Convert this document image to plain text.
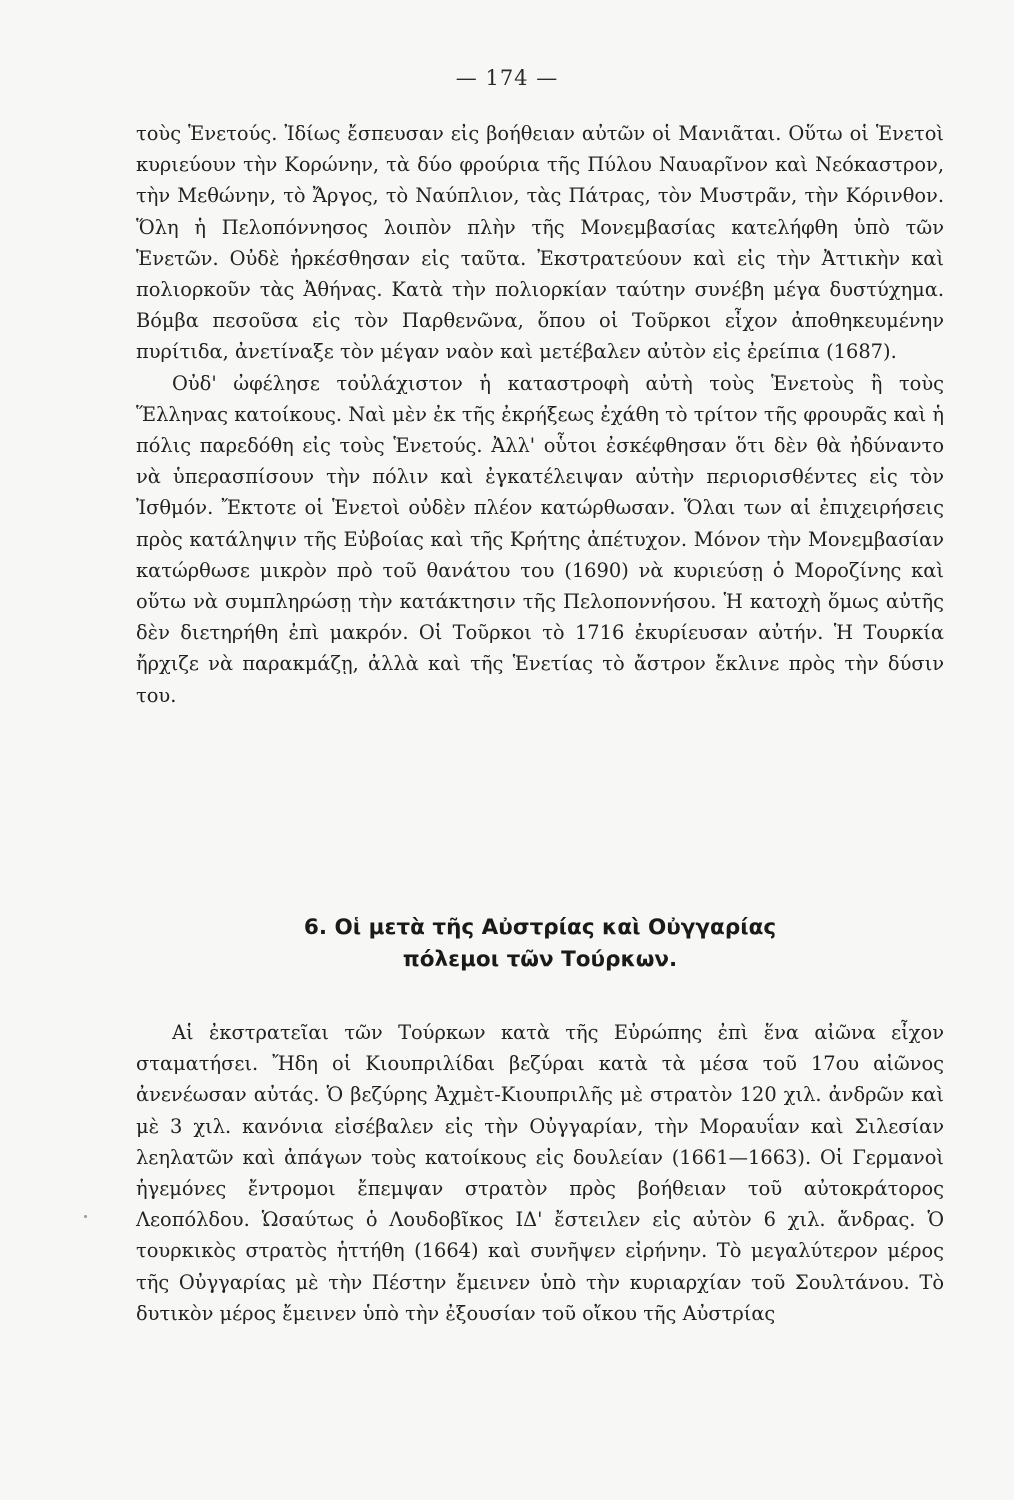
— 174 —

τοὺς Ἑνετούς. Ἰδίως ἔσπευσαν εἰς βοήθειαν αὐτῶν οἱ Μανιᾶται. Οὕτω οἱ Ἑνετοὶ κυριεύουν τὴν Κορώνην, τὰ δύο φρούρια τῆς Πύλου Ναυαρῖνον καὶ Νεόκαστρον, τὴν Μεθώνην, τὸ Ἄργος, τὸ Ναύπλιον, τὰς Πάτρας, τὸν Μυστρᾶν, τὴν Κόρινθον. Ὅλη ἡ Πελοπόννησος λοιπὸν πλὴν τῆς Μονεμβασίας κατελήφθη ὑπὸ τῶν Ἑνετῶν. Οὐδὲ ἠρκέσθησαν εἰς ταῦτα. Ἐκστρατεύουν καὶ εἰς τὴν Ἀττικὴν καὶ πολιορκοῦν τὰς Ἀθήνας. Κατὰ τὴν πολιορκίαν ταύτην συνέβη μέγα δυστύχημα. Βόμβα πεσοῦσα εἰς τὸν Παρθενῶνα, ὅπου οἱ Τοῦρκοι εἶχον ἀποθηκευμένην πυρίτιδα, ἀνετίναξε τὸν μέγαν ναὸν καὶ μετέβαλεν αὐτὸν εἰς ἐρείπια (1687).

Οὐδ' ὠφέλησε τοὐλάχιστον ἡ καταστροφὴ αὐτὴ τοὺς Ἑνετοὺς ἢ τοὺς Ἕλληνας κατοίκους. Ναὶ μὲν ἐκ τῆς ἐκρήξεως ἐχάθη τὸ τρίτον τῆς φρουρᾶς καὶ ἡ πόλις παρεδόθη εἰς τοὺς Ἑνετούς. Ἀλλ' οὗτοι ἐσκέφθησαν ὅτι δὲν θὰ ἠδύναντο νὰ ὑπερασπίσουν τὴν πόλιν καὶ ἐγκατέλειψαν αὐτὴν περιορισθέντες εἰς τὸν Ἰσθμόν. Ἔκτοτε οἱ Ἑνετοὶ οὐδὲν πλέον κατώρθωσαν. Ὅλαι των αἱ ἐπιχειρήσεις πρὸς κατάληψιν τῆς Εὐβοίας καὶ τῆς Κρήτης ἀπέτυχον. Μόνον τὴν Μονεμβασίαν κατώρθωσε μικρὸν πρὸ τοῦ θανάτου του (1690) νὰ κυριεύσῃ ὁ Μοροζίνης καὶ οὕτω νὰ συμπληρώσῃ τὴν κατάκτησιν τῆς Πελοποννήσου. Ἡ κατοχὴ ὅμως αὐτῆς δὲν διετηρήθη ἐπὶ μακρόν. Οἱ Τοῦρκοι τὸ 1716 ἐκυρίευσαν αὐτήν. Ἡ Τουρκία ἤρχιζε νὰ παρακμάζῃ, ἀλλὰ καὶ τῆς Ἑνετίας τὸ ἄστρον ἔκλινε πρὸς τὴν δύσιν του.

6. Οἱ μετὰ τῆς Αὐστρίας καὶ Οὐγγαρίας
πόλεμοι τῶν Τούρκων.

Αἱ ἐκστρατεῖαι τῶν Τούρκων κατὰ τῆς Εὐρώπης ἐπὶ ἕνα αἰῶνα εἶχον σταματήσει. Ἤδη οἱ Κιουπριλίδαι βεζύραι κατὰ τὰ μέσα τοῦ 17ου αἰῶνος ἀνενέωσαν αὐτάς. Ὁ βεζύρης Ἀχμὲτ-Κιουπριλῆς μὲ στρατὸν 120 χιλ. ἀνδρῶν καὶ μὲ 3 χιλ. κανόνια εἰσέβαλεν εἰς τὴν Οὐγγαρίαν, τὴν Μοραυΐαν καὶ Σιλεσίαν λεηλατῶν καὶ ἀπάγων τοὺς κατοίκους εἰς δουλείαν (1661—1663). Οἱ Γερμανοὶ ἡγεμόνες ἔντρομοι ἔπεμψαν στρατὸν πρὸς βοήθειαν τοῦ αὐτοκράτορος Λεοπόλδου. Ὡσαύτως ὁ Λουδοβῖκος ΙΔ' ἔστειλεν εἰς αὐτὸν 6 χιλ. ἄνδρας. Ὁ τουρκικὸς στρατὸς ἡττήθη (1664) καὶ συνῆψεν εἰρήνην. Τὸ μεγαλύτερον μέρος τῆς Οὐγγαρίας μὲ τὴν Πέστην ἔμεινεν ὑπὸ τὴν κυριαρχίαν τοῦ Σουλτάνου. Τὸ δυτικὸν μέρος ἔμεινεν ὑπὸ τὴν ἐξουσίαν τοῦ οἴκου τῆς Αὐστρίας
